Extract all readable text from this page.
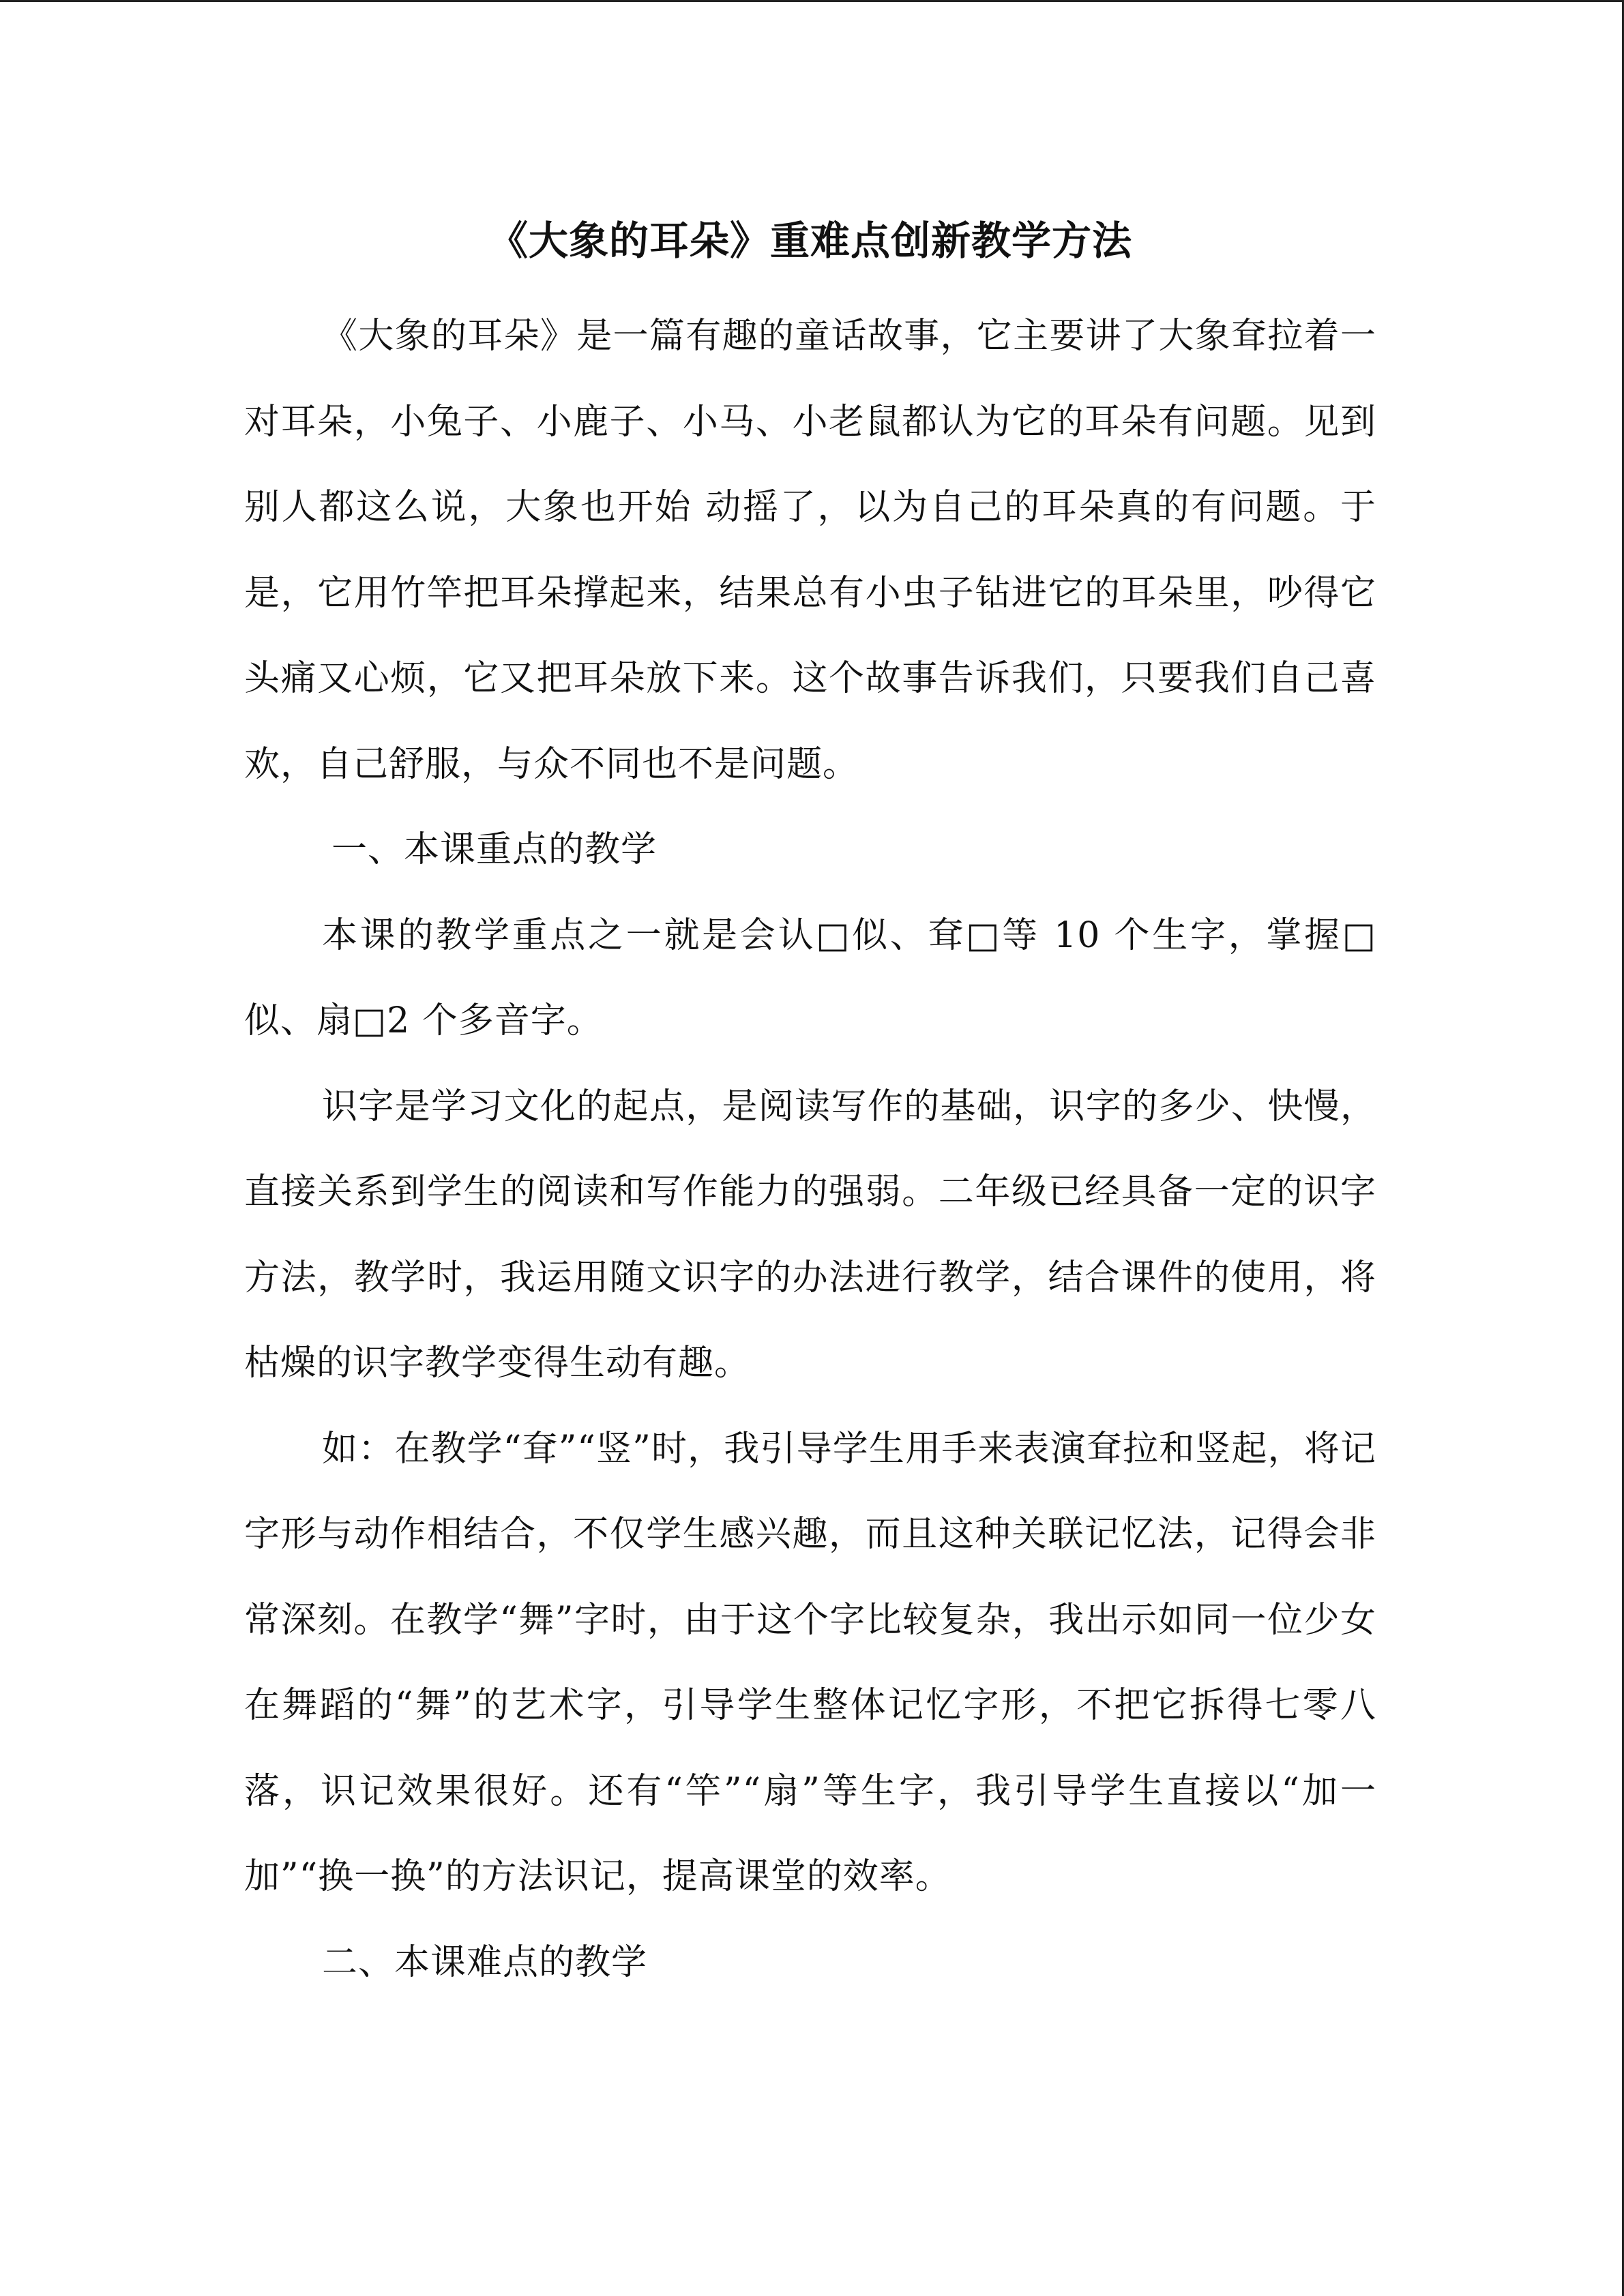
《大象的耳朵》重难点创新教学方法

《大象的耳朵》是一篇有趣的童话故事，它主要讲了大象耷拉着一对耳朵，小兔子、小鹿子、小马、小老鼠都认为它的耳朵有问题。见到别人都这么说，大象也开始 动摇了，以为自己的耳朵真的有问题。于是，它用竹竿把耳朵撑起来，结果总有小虫子钻进它的耳朵里，吵得它头痛又心烦，它又把耳朵放下来。这个故事告诉我们，只要我们自己喜欢，自己舒服，与众不同也不是问题。

一、本课重点的教学

本课的教学重点之一就是会认□似、耷□等 10 个生字，掌握□似、扇□2 个多音字。

识字是学习文化的起点，是阅读写作的基础，识字的多少、快慢，直接关系到学生的阅读和写作能力的强弱。二年级已经具备一定的识字方法，教学时，我运用随文识字的办法进行教学，结合课件的使用，将枯燥的识字教学变得生动有趣。

如：在教学“耷”“竖”时，我引导学生用手来表演耷拉和竖起，将记字形与动作相结合，不仅学生感兴趣，而且这种关联记忆法，记得会非常深刻。在教学“舞”字时，由于这个字比较复杂，我出示如同一位少女在舞蹈的“舞”的艺术字，引导学生整体记忆字形，不把它拆得七零八落，识记效果很好。还有“竿”“扇”等生字，我引导学生直接以“加一加”“换一换”的方法识记，提高课堂的效率。

二、本课难点的教学
